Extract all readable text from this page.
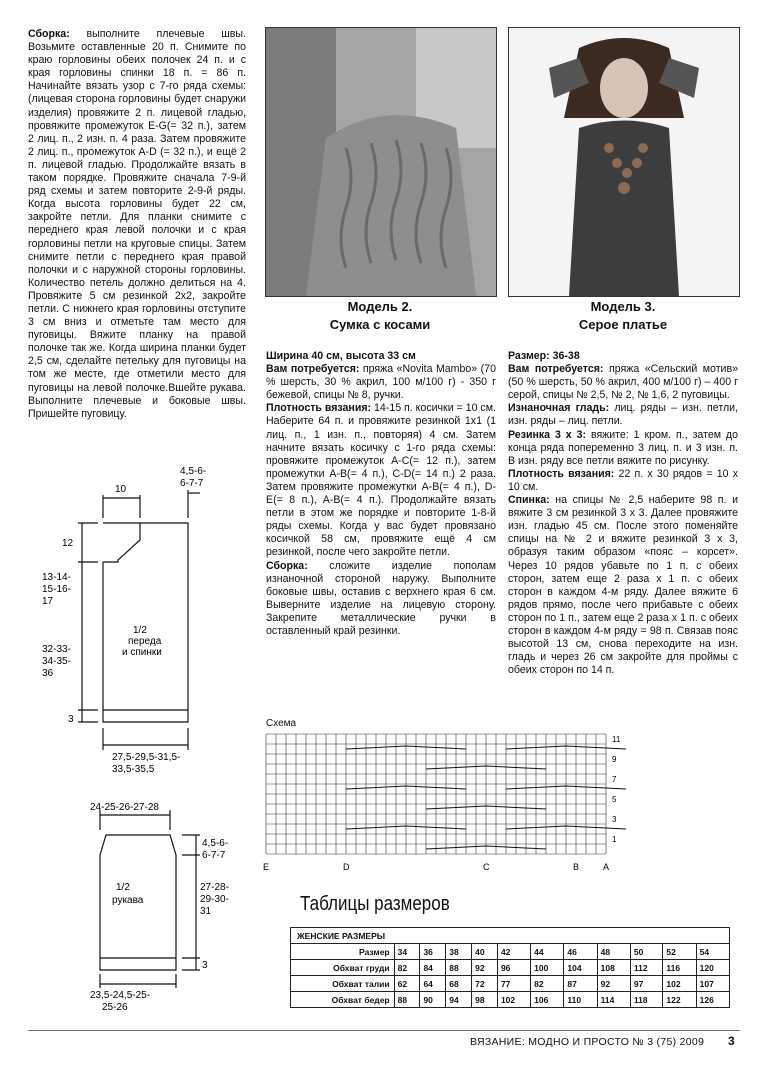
Сборка: выполните плечевые швы. Возьмите оставленные 20 п. Снимите по краю горловины обеих полочек 24 п. и с края горловины спинки 18 п. = 86 п. Начинайте вязать узор с 7-го ряда схемы: (лицевая сторона горловины будет снаружи изделия) провяжите 2 п. лицевой гладью, провяжите промежуток E-G(= 32 п.), затем 2 лиц. п., 2 изн. п. 4 раза. Затем провяжите 2 лиц. п., промежуток A-D (= 32 п.), и ещё 2 п. лицевой гладью. Продолжайте вязать в таком порядке. Провяжите сначала 7-9-й ряд схемы и затем повторите 2-9-й ряды. Когда высота горловины будет 22 см, закройте петли. Для планки снимите с переднего края левой полочки и с края горловины петли на круговые спицы. Затем снимите петли с переднего края правой полочки и с наружной стороны горловины. Количество петель должно делиться на 4. Провяжите 5 см резинкой 2х2, закройте петли. С нижнего края горловины отступите 3 см вниз и отметьте там место для пуговицы. Вяжите планку на правой полочке так же. Когда ширина планки будет 2,5 см, сделайте петельку для пуговицы на том же месте, где отметили место для пуговицы на левой полочке.Вшейте рукава. Выполните плечевые и боковые швы. Пришейте пуговицу.
10
4,5-6-
6-7-7
12
13-14-
15-16-
17
32-33-
34-35-
36
3
1/2
переда
и спинки
27,5-29,5-31,5-
33,5-35,5
24-25-26-27-28
4,5-6-
6-7-7
27-28-
29-30-
31
3
1/2
рукава
23,5-24,5-25-
25-26
Модель 2.
Сумка с косами
Модель 3.
Серое платье
Ширина 40 см, высота 33 см
Вам потребуется: пряжа «Novita Mambo» (70 % шерсть, 30 % акрил, 100 м/100 г) - 350 г бежевой, спицы № 8, ручки.
Плотность вязания: 14-15 п. косички = 10 см.
Наберите 64 п. и провяжите резинкой 1х1 (1 лиц. п., 1 изн. п., повторяя) 4 см. Затем начните вязать косичку с 1-го ряда схемы: провяжите промежуток A-C(= 12 п.), затем промежутки A-B(= 4 п.), C-D(= 14 п.) 2 раза. Затем провяжите промежутки A-B(= 4 п.), D-E(= 8 п.), A-B(= 4 п.). Продолжайте вязать петли в этом же порядке и повторите 1-8-й ряды схемы. Когда у вас будет провязано косичкой 58 см, провяжите ещё 4 см резинкой, после чего закройте петли.
Сборка: сложите изделие пополам изнаночной стороной наружу. Выполните боковые швы, оставив с верхнего края 6 см. Выверните изделие на лицевую сторону. Закрепите металлические ручки в оставленный край резинки.
Размер: 36-38
Вам потребуется: пряжа «Сельский мотив» (50 % шерсть, 50 % акрил, 400 м/100 г) – 400 г серой, спицы № 2,5, № 2, № 1,6, 2 пуговицы.
Изнаночная гладь: лиц. ряды – изн. петли, изн. ряды – лиц. петли.
Резинка 3 х 3: вяжите: 1 кром. п., затем до конца ряда попеременно 3 лиц. п. и 3 изн. п. В изн. ряду все петли вяжите по рисунку.
Плотность вязания: 22 п. х 30 рядов = 10 х 10 см.
Спинка: на спицы № 2,5 наберите 98 п. и вяжите 3 см резинкой 3 х 3. Далее провяжите изн. гладью 45 см. После этого поменяйте спицы на № 2 и вяжите резинкой 3 х 3, образуя таким образом «пояс – корсет». Через 10 рядов убавьте по 1 п. с обеих сторон, затем еще 2 раза х 1 п. с обеих сторон в каждом 4-м ряду. Далее вяжите 6 рядов прямо, после чего прибавьте с обеих сторон по 1 п., затем еще 2 раза х 1 п. с обеих сторон в каждом 4-м ряду = 98 п. Связав пояс высотой 13 см, снова переходите на изн. гладь и через 26 см закройте для проймы с обеих сторон по 14 п.
Схема
11
9
7
5
3
1
E	D	C	B	A
Таблицы размеров
ЖЕНСКИЕ РАЗМЕРЫ											
Размер	34	36	38	40	42	44	46	48	50	52	54
Обхват груди	82	84	88	92	96	100	104	108	112	116	120
Обхват талии	62	64	68	72	77	82	87	92	97	102	107
Обхват бедер	88	90	94	98	102	106	110	114	118	122	126
ВЯЗАНИЕ: МОДНО И ПРОСТО № 3 (75) 2009 3
